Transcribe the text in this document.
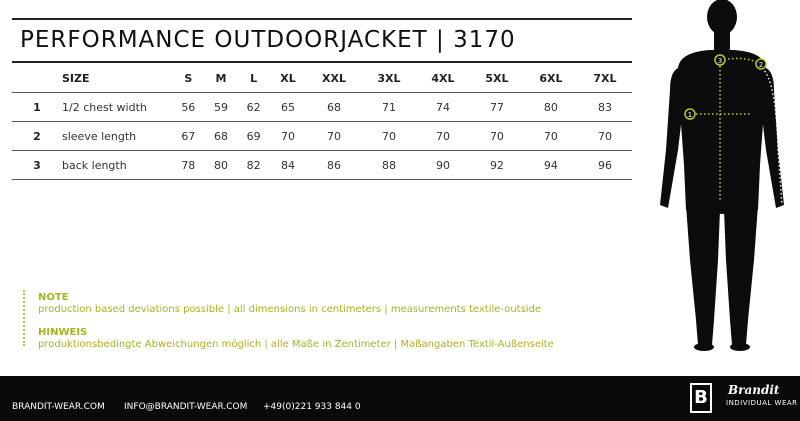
PERFORMANCE OUTDOORJACKET | 3170
	SIZE	S	M	L	XL	XXL	3XL	4XL	5XL	6XL	7XL
1	1/2 chest width	56	59	62	65	68	71	74	77	80	83
2	sleeve length	67	68	69	70	70	70	70	70	70	70
3	back length	78	80	82	84	86	88	90	92	94	96
NOTE
production based deviations possible | all dimensions in centimeters | measurements textile-outside
HINWEIS
produktionsbedingte Abweichungen möglich | alle Maße in Zentimeter | Maßangaben Textil-Außenseite
1
2
3
BRANDIT-WEAR.COM INFO@BRANDIT-WEAR.COM +49(0)221 933 844 0	B	Brandit
INDIVIDUAL WEAR
